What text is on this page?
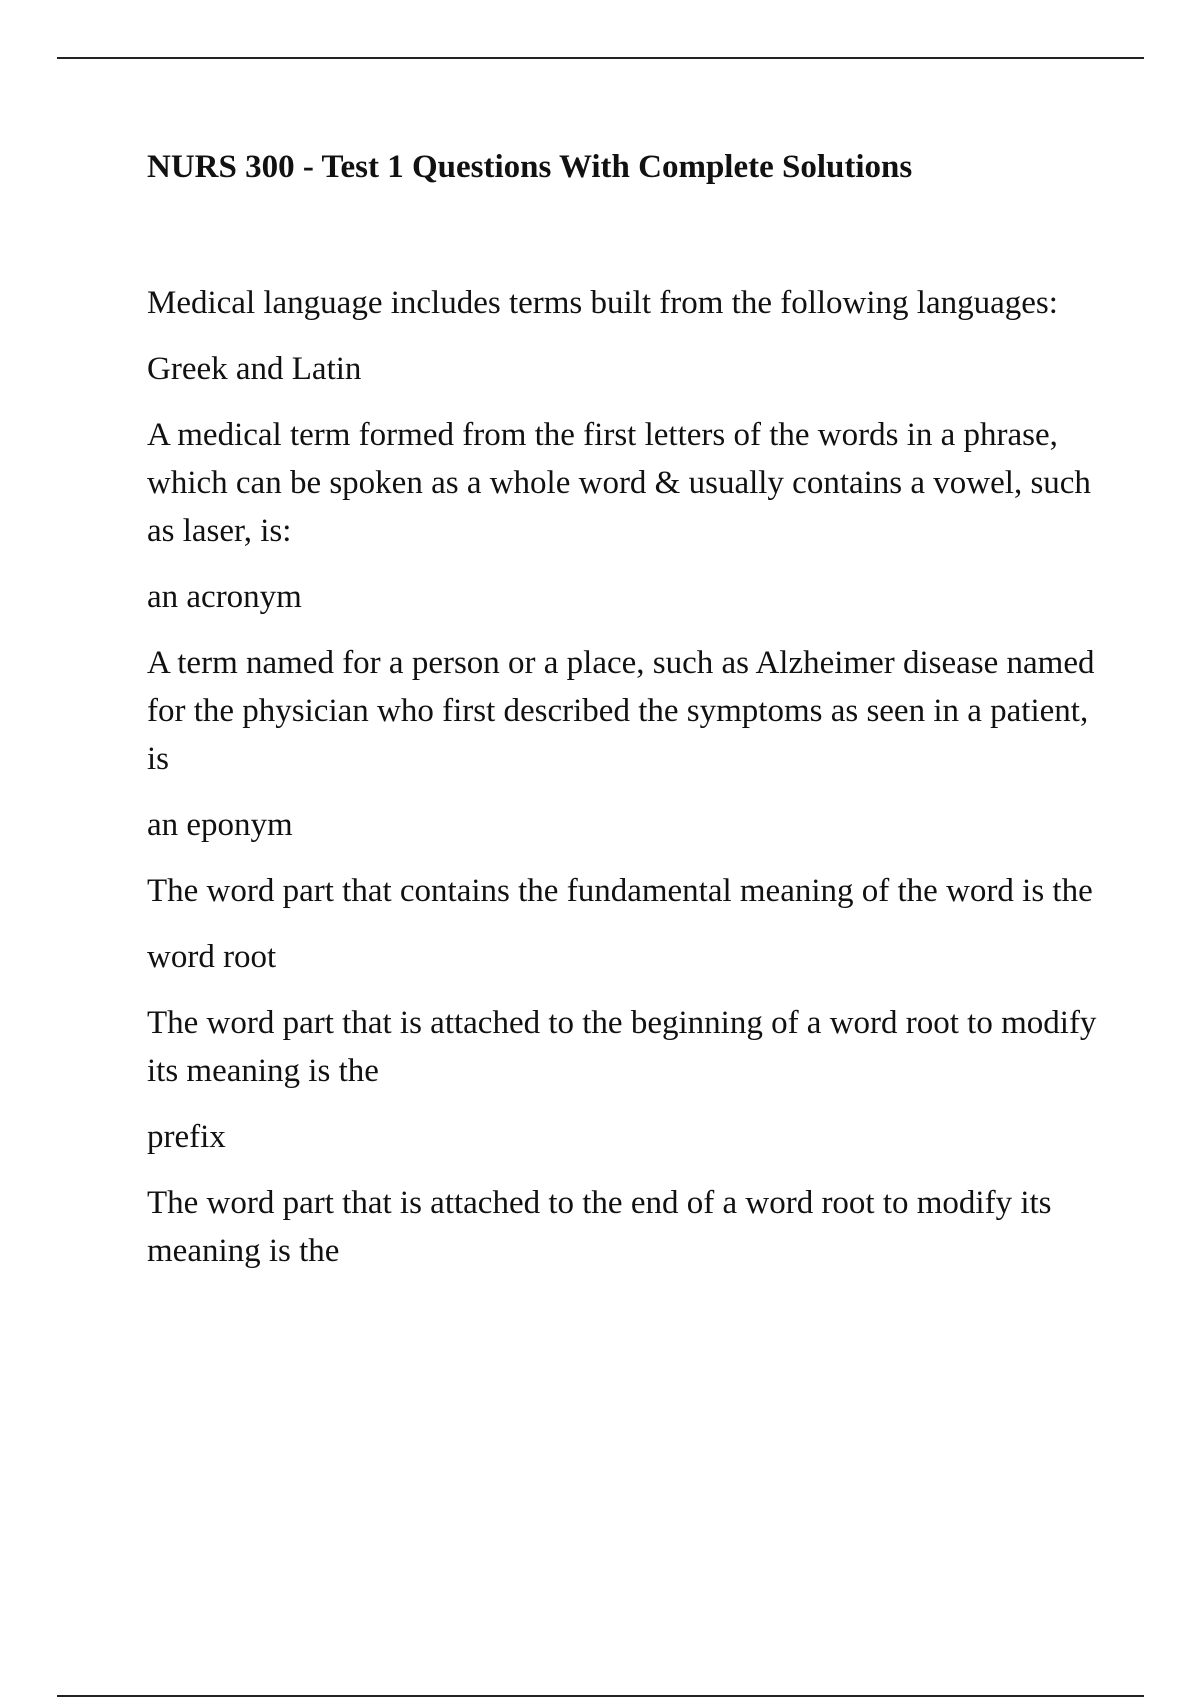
NURS 300 - Test 1 Questions With Complete Solutions

Medical language includes terms built from the following languages:

Greek and Latin

A medical term formed from the first letters of the words in a phrase, which can be spoken as a whole word & usually contains a vowel, such as laser, is:

an acronym

A term named for a person or a place, such as Alzheimer disease named for the physician who first described the symptoms as seen in a patient, is

an eponym

The word part that contains the fundamental meaning of the word is the

word root

The word part that is attached to the beginning of a word root to modify its meaning is the

prefix

The word part that is attached to the end of a word root to modify its meaning is the
